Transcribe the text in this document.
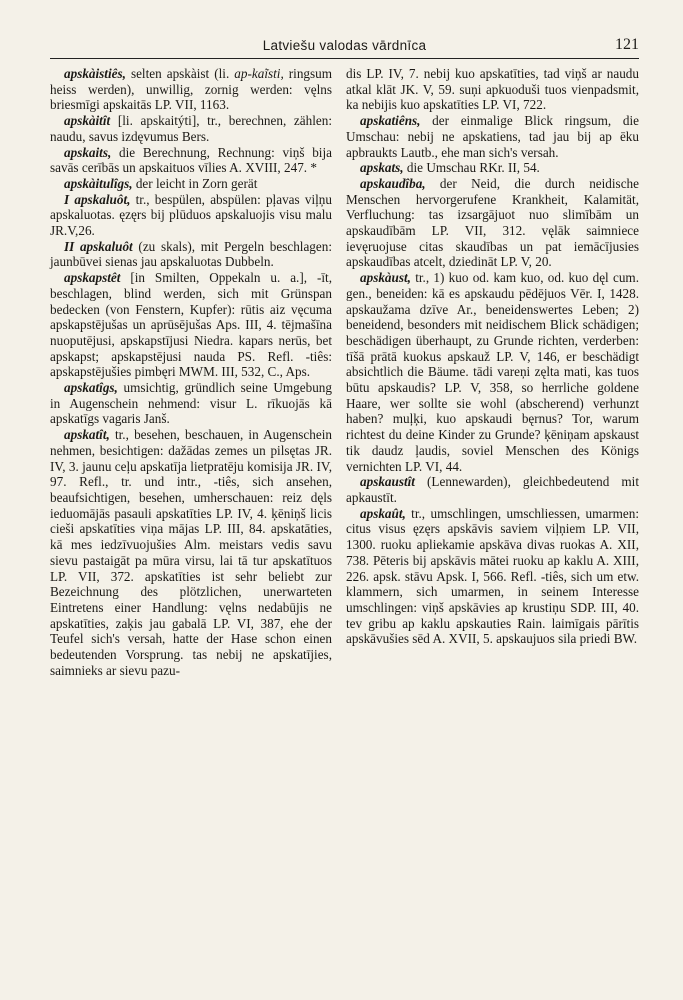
Latviešu valodas vārdnīca	121

apskàistiês, selten apskàist (li. ap-kaĩsti, ringsum heiss werden), unwillig, zornig werden: vęlns briesmīgi apskaitās LP. VII, 1163.

apskàitît [li. apskaitýti], tr., berechnen, zählen: naudu, savus izdęvumus Bers.

apskaits, die Berechnung, Rechnung: viņš bija savās cerībās un apskaituos vīlies A. XVIII, 247. *

apskàitulîgs, der leicht in Zorn gerät

I apskaluôt, tr., bespülen, abspülen: pļavas viļņu apskaluotas. ęzęrs bij plūduos apskaluojis visu malu JR.V,26.

II apskaluôt (zu skals), mit Pergeln beschlagen: jaunbūvei sienas jau apskaluotas Dubbeln.

apskapstêt [in Smilten, Oppekaln u. a.], -īt, beschlagen, blind werden, sich mit Grünspan bedecken (von Fenstern, Kupfer): rūtis aiz vęcuma apskapstējušas un aprūsējušas Aps. III, 4. tējmašīna nuoputējusi, apskapstījusi Niedra. kapars nerūs, bet apskapst; apskapstējusi naudа PS. Refl. -tiês: apskapstējušies pimbęri MWM. III, 532, C., Aps.

apskatîgs, umsichtig, gründlich seine Umgebung in Augenschein nehmend: visur L. rīkuojās kā apskatīgs vagaris Janš.

apskatît, tr., besehen, beschauen, in Augenschein nehmen, besichtigen: dažādas zemes un pilsętas JR. IV, 3. jaunu ceļu apskatīja lietpratēju komisija JR. IV, 97. Refl., tr. und intr., -tiês, sich ansehen, beaufsichtigen, besehen, umherschauen: reiz dęls ieduomājās pasauli apskatīties LP. IV, 4. ķēniņš licis cieši apskatīties viņa mājas LP. III, 84. apskatāties, kā mes iedzīvuojušies Alm. meistars vedis savu sievu pastaigāt pa mūra virsu, lai tā tur apskatītuos LP. VII, 372. apskatīties ist sehr beliebt zur Bezeichnung des plötzlichen, unerwarteten Eintretens einer Handlung: vęlns nedabūjis ne apskatīties, zaķis jau gabalā LP. VI, 387, ehe der Teufel sich's versah, hatte der Hase schon einen bedeutenden Vorsprung. tas nebij ne apskatījies, saimnieks ar sievu pazu-

dis LP. IV, 7. nebij kuo apskatīties, tad viņš ar naudu atkal klāt JK. V, 59. suņi apkuoduši tuos vienpadsmit, ka nebijis kuo apskatīties LP. VI, 722.

apskatiêns, der einmalige Blick ringsum, die Umschau: nebij ne apskatiens, tad jau bij ap ēku apbraukts Lautb., ehe man sich's versah.

apskats, die Umschau RKr. II, 54.

apskaudîba, der Neid, die durch neidische Menschen hervorgerufene Krankheit, Kalamität, Verfluchung: tas izsargājuot nuo slimībām un apskaudībām LP. VII, 312. vęlāk saimniece ievęruojuse citas skaudības un pat iemācījusies apskaudības atcelt, dziedināt LP. V, 20.

apskàust, tr., 1) kuo od. kam kuo, od. kuo dęl cum. gen., beneiden: kā es apskaudu pēdējuos Vēr. I, 1428. apskaužama dzīve Ar., beneidenswertes Leben; 2) beneidend, besonders mit neidischem Blick schädigen; beschädigen überhaupt, zu Grunde richten, verderben: tīšā prātā kuokus apskauž LP. V, 146, er beschädigt absichtlich die Bäume. tādi vareņi zęlta mati, kas tuos būtu apskaudis? LP. V, 358, so herrliche goldene Haare, wer sollte sie wohl (abscherend) verhunzt haben? muļķi, kuo apskaudi bęrnus? Tor, warum richtest du deine Kinder zu Grunde? ķēniņam apskaust tik daudz ļaudis, soviel Menschen des Königs vernichten LP. VI, 44.

apskaustît (Lennewarden), gleichbedeutend mit apkaustīt.

apskaût, tr., umschlingen, umschliessen, umarmen: citus visus ęzęrs apskāvis saviem viļņiem LP. VII, 1300. ruoku apliekamie apskāva divas ruokas A. XII, 738. Pēteris bij apskāvis mātei ruoku ap kaklu A. XIII, 226. apsk. stāvu Apsk. I, 566. Refl. -tiês, sich um etw. klammern, sich umarmen, in seinem Interesse umschlingen: viņš apskāvies ap krustiņu SDP. III, 40. tev gribu ap kaklu apskauties Rain. laimīgais pārītis apskāvušies sēd A. XVII, 5. apskaujuos sila priedi BW.
